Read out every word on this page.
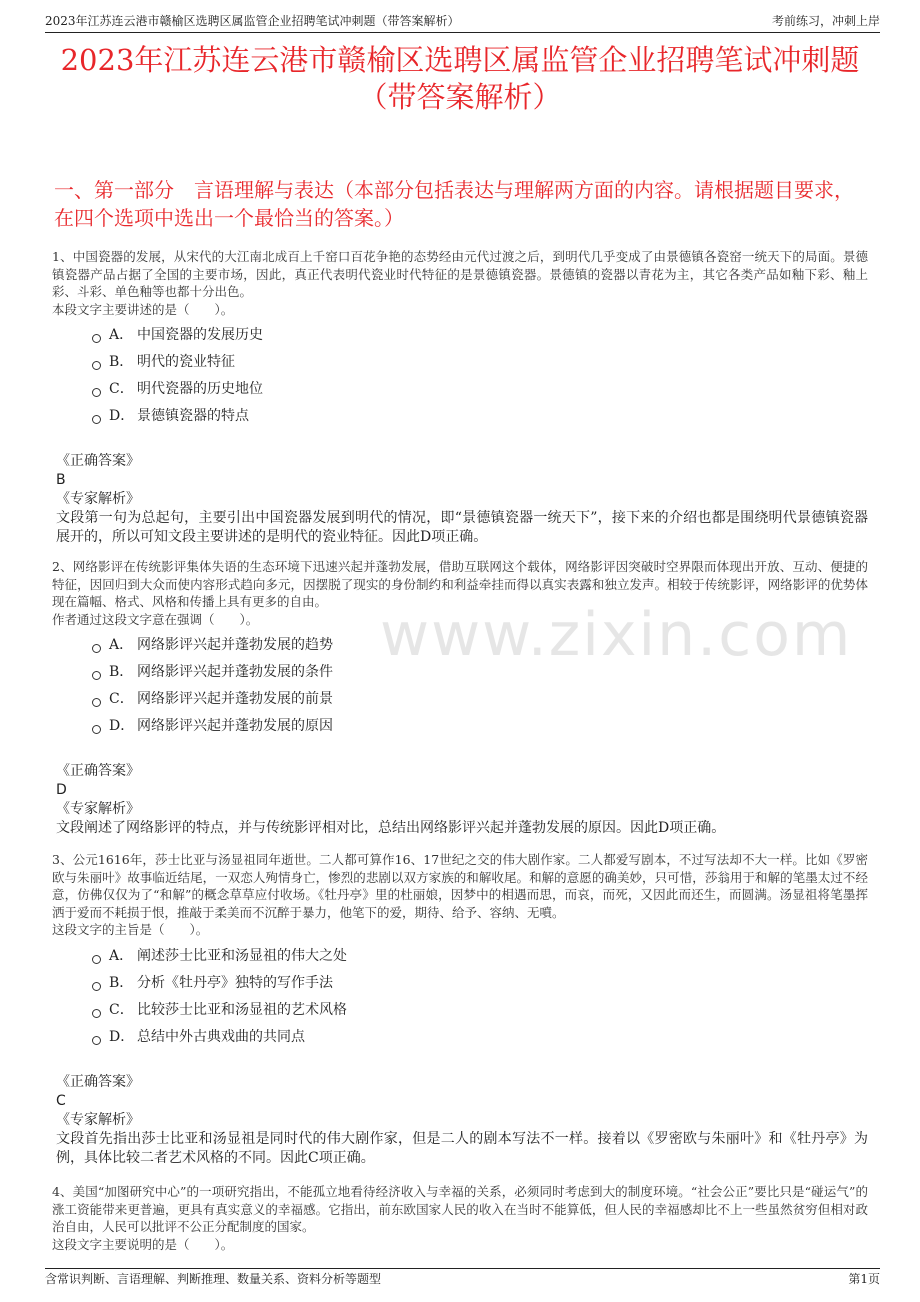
2023年江苏连云港市赣榆区选聘区属监管企业招聘笔试冲刺题（带答案解析）	考前练习，冲刺上岸
2023年江苏连云港市赣榆区选聘区属监管企业招聘笔试冲刺题
（带答案解析）
一、第一部分　言语理解与表达（本部分包括表达与理解两方面的内容。请根据题目要求，在四个选项中选出一个最恰当的答案。）
www.zixin.com

1、中国瓷器的发展，从宋代的大江南北成百上千窑口百花争艳的态势经由元代过渡之后，到明代几乎变成了由景德镇各瓷窑一统天下的局面。景德镇瓷器产品占据了全国的主要市场，因此，真正代表明代瓷业时代特征的是景德镇瓷器。景德镇的瓷器以青花为主，其它各类产品如釉下彩、釉上彩、斗彩、单色釉等也都十分出色。

本段文字主要讲述的是（　　）。

A． 中国瓷器的发展历史
B． 明代的瓷业特征
C． 明代瓷器的历史地位
D． 景德镇瓷器的特点
《正确答案》
B
《专家解析》
文段第一句为总起句，主要引出中国瓷器发展到明代的情况，即“景德镇瓷器一统天下”，接下来的介绍也都是围绕明代景德镇瓷器展开的，所以可知文段主要讲述的是明代的瓷业特征。因此D项正确。

2、网络影评在传统影评集体失语的生态环境下迅速兴起并蓬勃发展，借助互联网这个载体，网络影评因突破时空界限而体现出开放、互动、便捷的特征，因回归到大众而使内容形式趋向多元，因摆脱了现实的身份制约和利益牵挂而得以真实表露和独立发声。相较于传统影评，网络影评的优势体现在篇幅、格式、风格和传播上具有更多的自由。

作者通过这段文字意在强调（　　）。

A． 网络影评兴起并蓬勃发展的趋势
B． 网络影评兴起并蓬勃发展的条件
C． 网络影评兴起并蓬勃发展的前景
D． 网络影评兴起并蓬勃发展的原因
《正确答案》
D
《专家解析》
文段阐述了网络影评的特点，并与传统影评相对比，总结出网络影评兴起并蓬勃发展的原因。因此D项正确。

3、公元1616年，莎士比亚与汤显祖同年逝世。二人都可算作16、17世纪之交的伟大剧作家。二人都爱写剧本，不过写法却不大一样。比如《罗密欧与朱丽叶》故事临近结尾，一双恋人殉情身亡，惨烈的悲剧以双方家族的和解收尾。和解的意愿的确美妙，只可惜，莎翁用于和解的笔墨太过不经意，仿佛仅仅为了“和解”的概念草草应付收场。《牡丹亭》里的杜丽娘，因梦中的相遇而思，而哀，而死，又因此而还生，而圆满。汤显祖将笔墨挥洒于爱而不耗损于恨，推敲于柔美而不沉醉于暴力，他笔下的爱，期待、给予、容纳、无噴。

这段文字的主旨是（　　）。

A． 阐述莎士比亚和汤显祖的伟大之处
B． 分析《牡丹亭》独特的写作手法
C． 比较莎士比亚和汤显祖的艺术风格
D． 总结中外古典戏曲的共同点
《正确答案》
C
《专家解析》
文段首先指出莎士比亚和汤显祖是同时代的伟大剧作家，但是二人的剧本写法不一样。接着以《罗密欧与朱丽叶》和《牡丹亭》为例，具体比较二者艺术风格的不同。因此C项正确。

4、美国“加图研究中心”的一项研究指出，不能孤立地看待经济收入与幸福的关系，必须同时考虑到大的制度环境。“社会公正”要比只是“碰运气”的涨工资能带来更普遍，更具有真实意义的幸福感。它指出，前东欧国家人民的收入在当时不能算低，但人民的幸福感却比不上一些虽然贫穷但相对政治自由，人民可以批评不公正分配制度的国家。

这段文字主要说明的是（　　）。

含常识判断、言语理解、判断推理、数量关系、资料分析等题型	第1页
